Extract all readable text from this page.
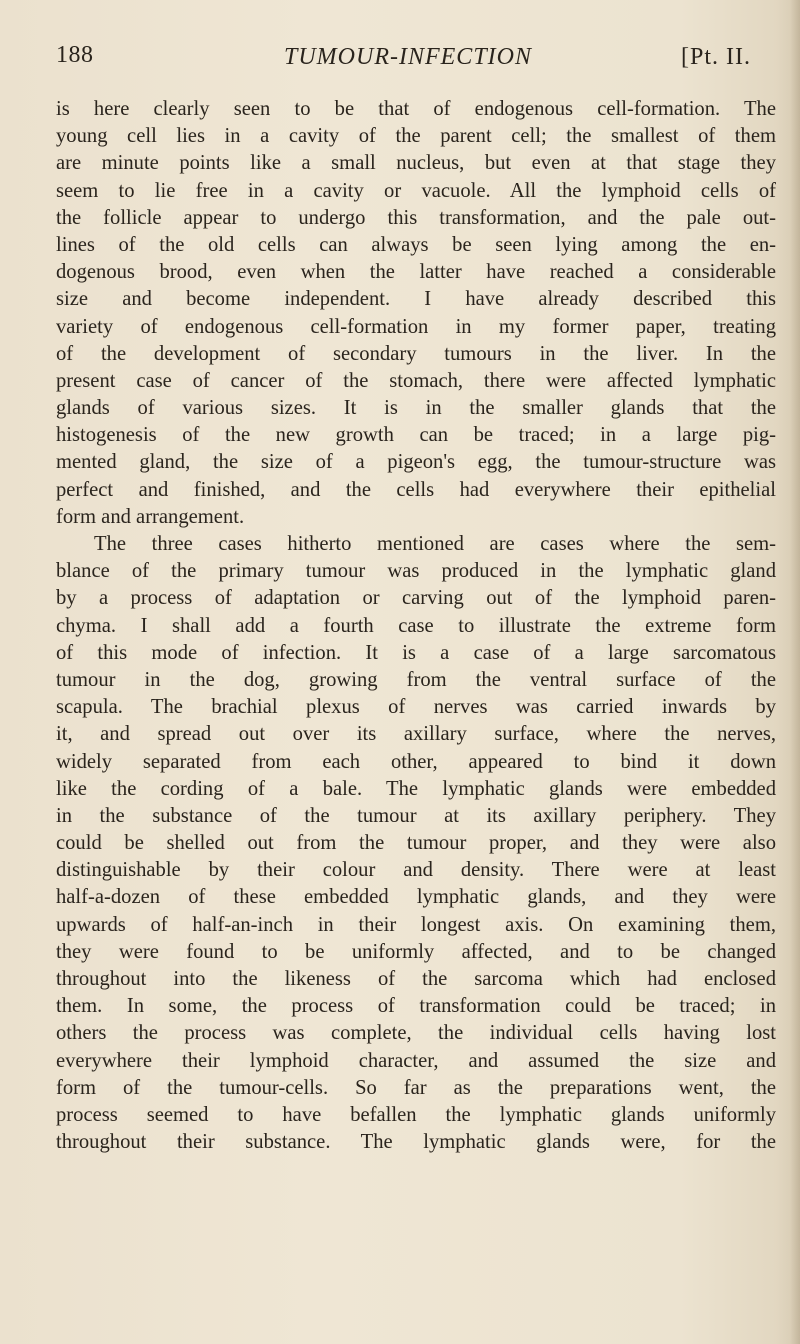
188	TUMOUR-INFECTION	[Pt. II.
is here clearly seen to be that of endogenous cell-formation. The
young cell lies in a cavity of the parent cell; the smallest of them
are minute points like a small nucleus, but even at that stage they
seem to lie free in a cavity or vacuole. All the lymphoid cells of
the follicle appear to undergo this transformation, and the pale out-
lines of the old cells can always be seen lying among the en-
dogenous brood, even when the latter have reached a considerable
size and become independent. I have already described this
variety of endogenous cell-formation in my former paper, treating
of the development of secondary tumours in the liver. In the
present case of cancer of the stomach, there were affected lymphatic
glands of various sizes. It is in the smaller glands that the
histogenesis of the new growth can be traced; in a large pig-
mented gland, the size of a pigeon's egg, the tumour-structure was
perfect and finished, and the cells had everywhere their epithelial
form and arrangement.
The three cases hitherto mentioned are cases where the sem-
blance of the primary tumour was produced in the lymphatic gland
by a process of adaptation or carving out of the lymphoid paren-
chyma. I shall add a fourth case to illustrate the extreme form
of this mode of infection. It is a case of a large sarcomatous
tumour in the dog, growing from the ventral surface of the
scapula. The brachial plexus of nerves was carried inwards by
it, and spread out over its axillary surface, where the nerves,
widely separated from each other, appeared to bind it down
like the cording of a bale. The lymphatic glands were embedded
in the substance of the tumour at its axillary periphery. They
could be shelled out from the tumour proper, and they were also
distinguishable by their colour and density. There were at least
half-a-dozen of these embedded lymphatic glands, and they were
upwards of half-an-inch in their longest axis. On examining them,
they were found to be uniformly affected, and to be changed
throughout into the likeness of the sarcoma which had enclosed
them. In some, the process of transformation could be traced; in
others the process was complete, the individual cells having lost
everywhere their lymphoid character, and assumed the size and
form of the tumour-cells. So far as the preparations went, the
process seemed to have befallen the lymphatic glands uniformly
throughout their substance. The lymphatic glands were, for the
